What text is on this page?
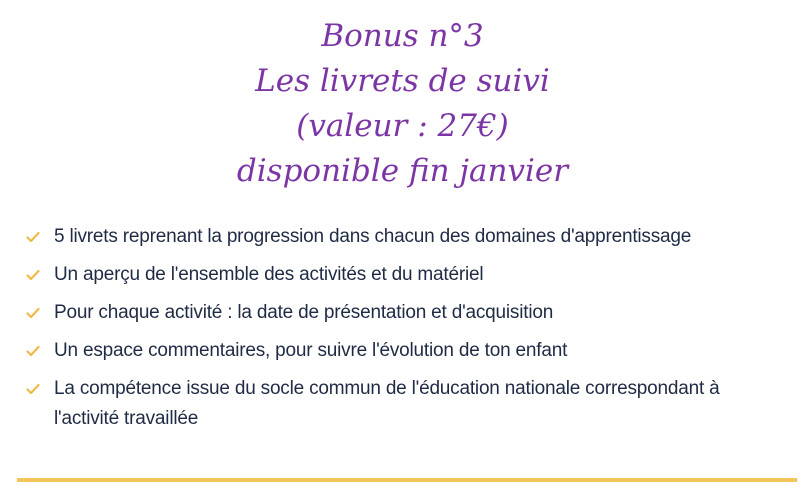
Bonus n°3
Les livrets de suivi
(valeur : 27€)
disponible fin janvier
5 livrets reprenant la progression dans chacun des domaines d'apprentissage
Un aperçu de l'ensemble des activités et du matériel
Pour chaque activité : la date de présentation et d'acquisition
Un espace commentaires, pour suivre l'évolution de ton enfant
La compétence issue du socle commun de l'éducation nationale correspondant à l'activité travaillée
